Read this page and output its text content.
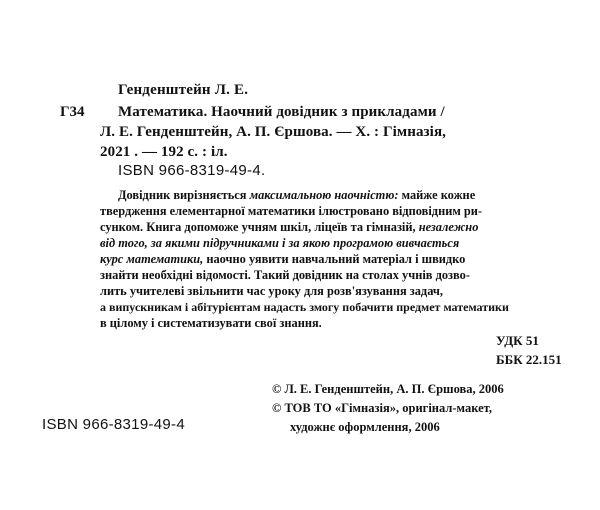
Генденштейн Л. Е.
Г34 Математика. Наочний довідник з прикладами /
Л. Е. Генденштейн, А. П. Єршова. — Х. : Гімназія,
2021 . — 192 с. : іл.
ISBN 966-8319-49-4.
Довідник вирізняється максимальною наочністю: майже кожне
твердження елементарної математики ілюстровано відповідним ри-
сунком. Книга допоможе учням шкіл, ліцеїв та гімназій, незалежно
від того, за якими підручниками і за якою програмою вивчається
курс математики, наочно уявити навчальний матеріал і швидко
знайти необхідні відомості. Такий довідник на столах учнів дозво-
лить учителеві звільнити час уроку для розв'язування задач,
а випускникам і абітурієнтам надасть змогу побачити предмет математики
в цілому і систематизувати свої знання.
УДК 51
ББК 22.151
© Л. Е. Генденштейн, А. П. Єршова, 2006
© ТОВ ТО «Гімназія», оригінал-макет,
художнє оформлення, 2006
ISBN 966-8319-49-4
